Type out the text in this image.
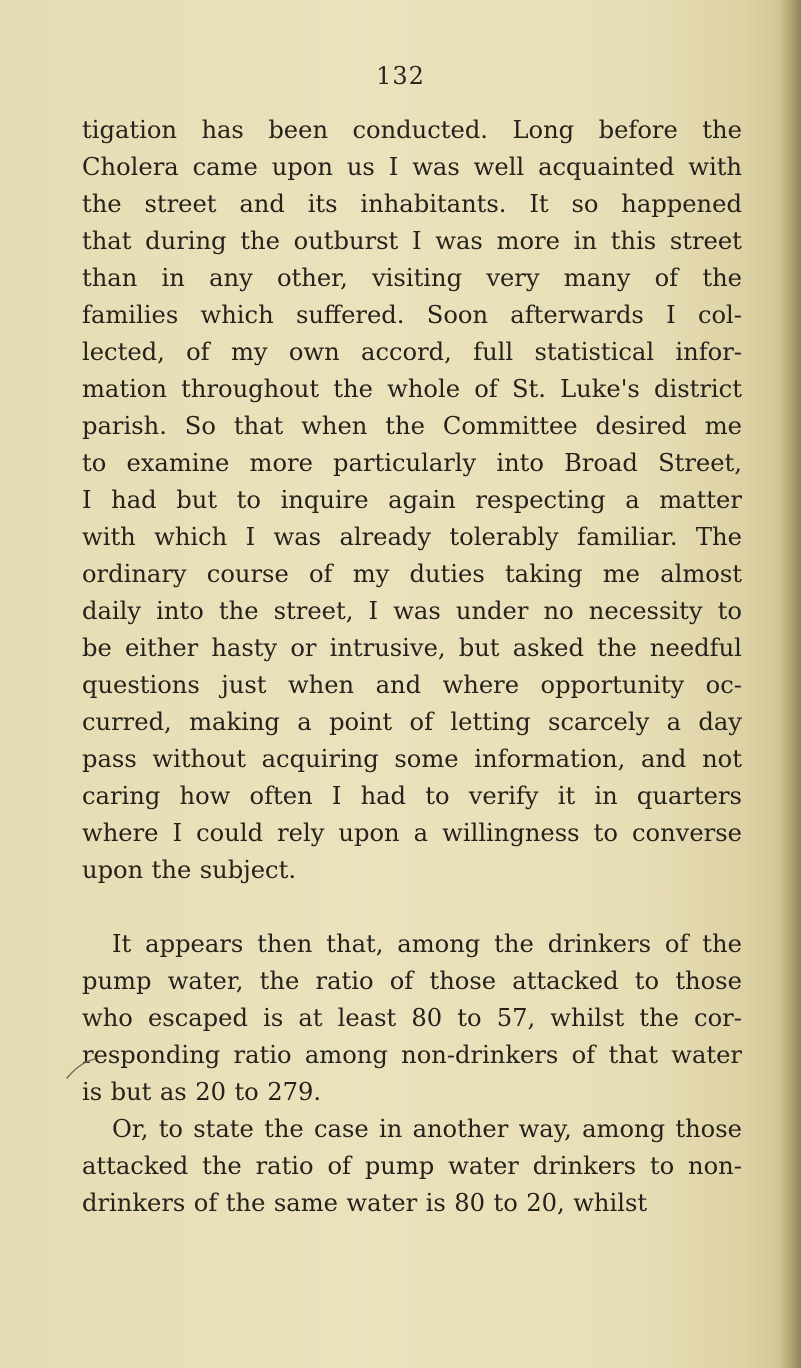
132
tigation has been conducted. Long before the
Cholera came upon us I was well acquainted with
the street and its inhabitants. It so happened
that during the outburst I was more in this street
than in any other, visiting very many of the
families which suffered. Soon afterwards I col-
lected, of my own accord, full statistical infor-
mation throughout the whole of St. Luke's district
parish. So that when the Committee desired me
to examine more particularly into Broad Street,
I had but to inquire again respecting a matter
with which I was already tolerably familiar. The
ordinary course of my duties taking me almost
daily into the street, I was under no necessity to
be either hasty or intrusive, but asked the needful
questions just when and where opportunity oc-
curred, making a point of letting scarcely a day
pass without acquiring some information, and not
caring how often I had to verify it in quarters
where I could rely upon a willingness to converse
upon the subject.
It appears then that, among the drinkers of the
pump water, the ratio of those attacked to those
who escaped is at least 80 to 57, whilst the cor-
responding ratio among non-drinkers of that water
is but as 20 to 279.
Or, to state the case in another way, among those
attacked the ratio of pump water drinkers to non-
drinkers of the same water is 80 to 20, whilst
